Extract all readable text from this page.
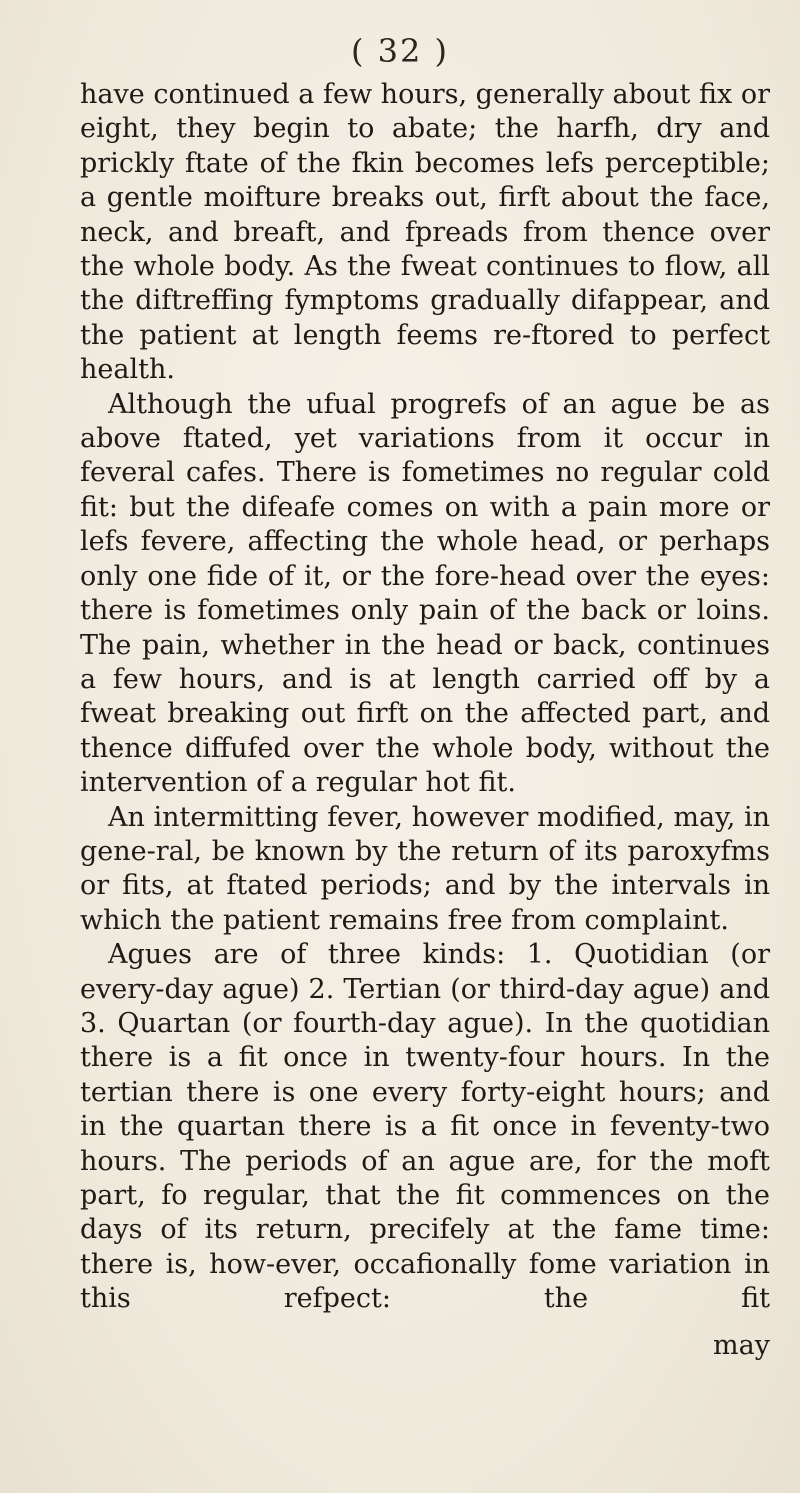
( 32 )

have continued a few hours, generally about fix or eight, they begin to abate; the harfh, dry and prickly ftate of the fkin becomes lefs perceptible; a gentle moifture breaks out, firft about the face, neck, and breaft, and fpreads from thence over the whole body. As the fweat continues to flow, all the diftreffing fymptoms gradually difappear, and the patient at length feems re-ftored to perfect health.

Although the ufual progrefs of an ague be as above ftated, yet variations from it occur in feveral cafes. There is fometimes no regular cold fit: but the difeafe comes on with a pain more or lefs fevere, affecting the whole head, or perhaps only one fide of it, or the fore-head over the eyes: there is fometimes only pain of the back or loins. The pain, whether in the head or back, continues a few hours, and is at length carried off by a fweat breaking out firft on the affected part, and thence diffufed over the whole body, without the intervention of a regular hot fit.

An intermitting fever, however modified, may, in gene-ral, be known by the return of its paroxyfms or fits, at ftated periods; and by the intervals in which the patient remains free from complaint.

Agues are of three kinds: 1. Quotidian (or every-day ague) 2. Tertian (or third-day ague) and 3. Quartan (or fourth-day ague). In the quotidian there is a fit once in twenty-four hours. In the tertian there is one every forty-eight hours; and in the quartan there is a fit once in feventy-two hours. The periods of an ague are, for the moft part, fo regular, that the fit commences on the days of its return, precifely at the fame time: there is, how-ever, occafionally fome variation in this refpect: the fit

may
